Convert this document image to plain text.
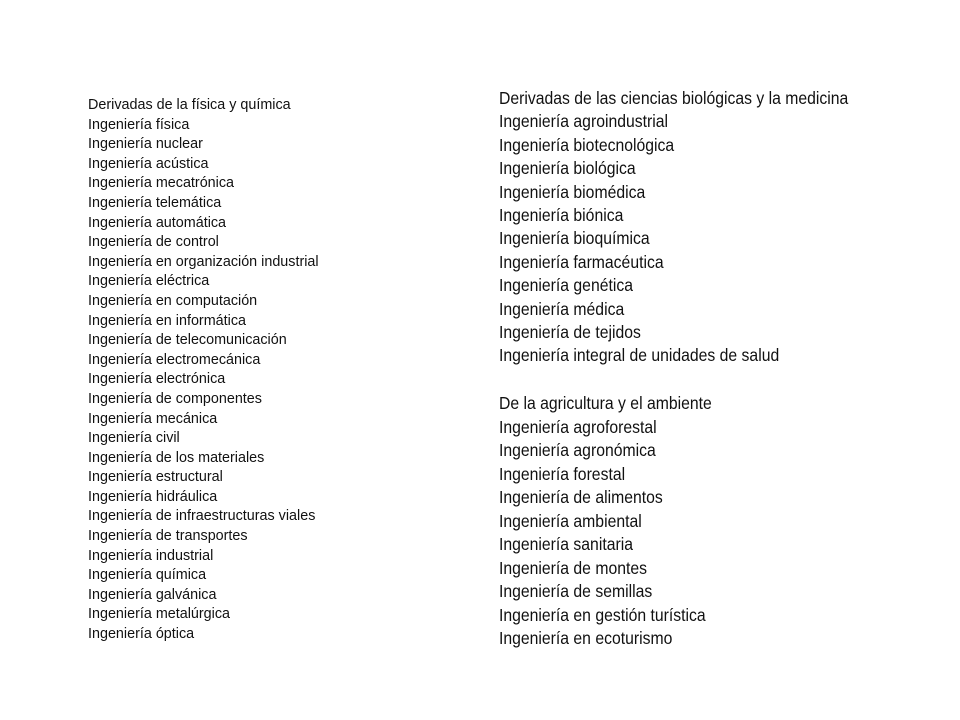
Derivadas de la física y química
Ingeniería física
Ingeniería nuclear
Ingeniería acústica
Ingeniería mecatrónica
Ingeniería telemática
Ingeniería automática
Ingeniería de control
Ingeniería en organización industrial
Ingeniería eléctrica
Ingeniería en computación
Ingeniería en informática
Ingeniería de telecomunicación
Ingeniería electromecánica
Ingeniería electrónica
Ingeniería de componentes
Ingeniería mecánica
Ingeniería civil
Ingeniería de los materiales
Ingeniería estructural
Ingeniería hidráulica
Ingeniería de infraestructuras viales
Ingeniería de transportes
Ingeniería industrial
Ingeniería química
Ingeniería galvánica
Ingeniería metalúrgica
Ingeniería óptica
Derivadas de las ciencias biológicas y la medicina
Ingeniería agroindustrial
Ingeniería biotecnológica
Ingeniería biológica
Ingeniería biomédica
Ingeniería biónica
Ingeniería bioquímica
Ingeniería farmacéutica
Ingeniería genética
Ingeniería médica
Ingeniería de tejidos
Ingeniería integral de unidades de salud
De la agricultura y el ambiente
Ingeniería agroforestal
Ingeniería agronómica
Ingeniería forestal
Ingeniería de alimentos
Ingeniería ambiental
Ingeniería sanitaria
Ingeniería de montes
Ingeniería de semillas
Ingeniería en gestión turística
Ingeniería en ecoturismo
